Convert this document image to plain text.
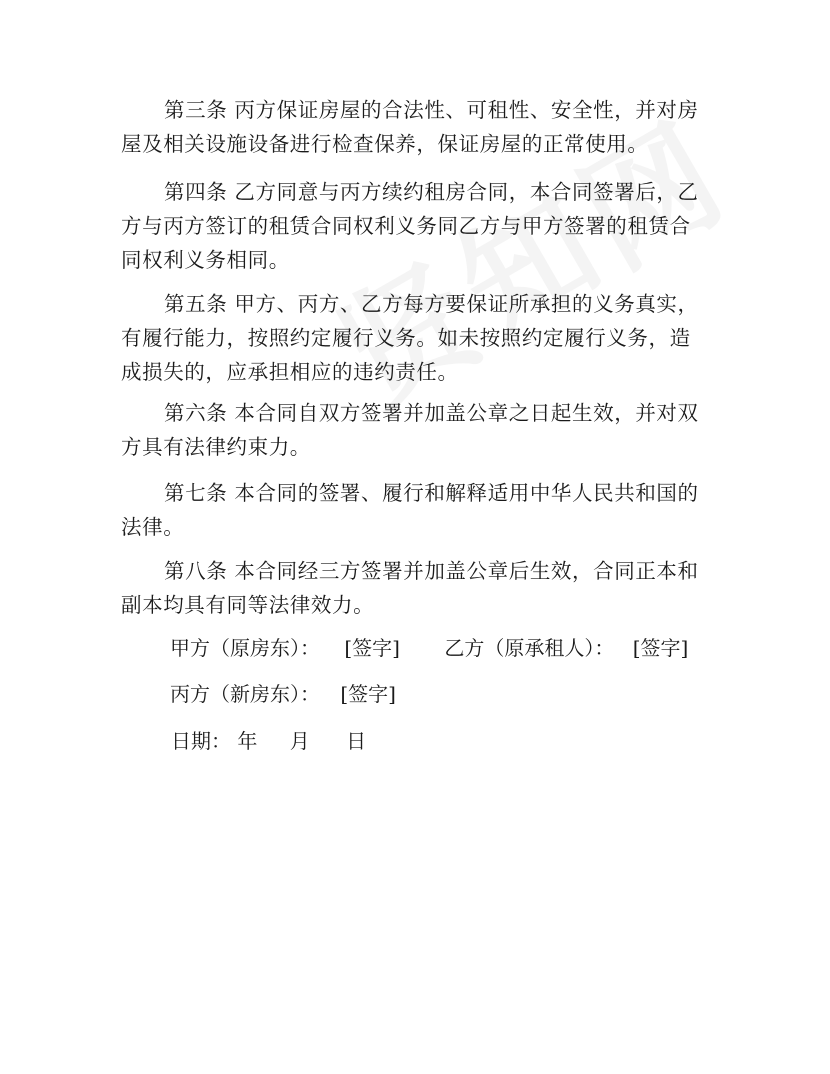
第三条 丙方保证房屋的合法性、可租性、安全性，并对房屋及相关设施设备进行检查保养，保证房屋的正常使用。

第四条 乙方同意与丙方续约租房合同，本合同签署后，乙方与丙方签订的租赁合同权利义务同乙方与甲方签署的租赁合同权利义务相同。

第五条 甲方、丙方、乙方每方要保证所承担的义务真实，有履行能力，按照约定履行义务。如未按照约定履行义务，造成损失的，应承担相应的违约责任。

第六条 本合同自双方签署并加盖公章之日起生效，并对双方具有法律约束力。

第七条 本合同的签署、履行和解释适用中华人民共和国的法律。

第八条 本合同经三方签署并加盖公章后生效，合同正本和副本均具有同等法律效力。

甲方（原房东）： [签字] 乙方（原承租人）： [签字]
丙方（新房东）： [签字]
日期： 年 月 日
